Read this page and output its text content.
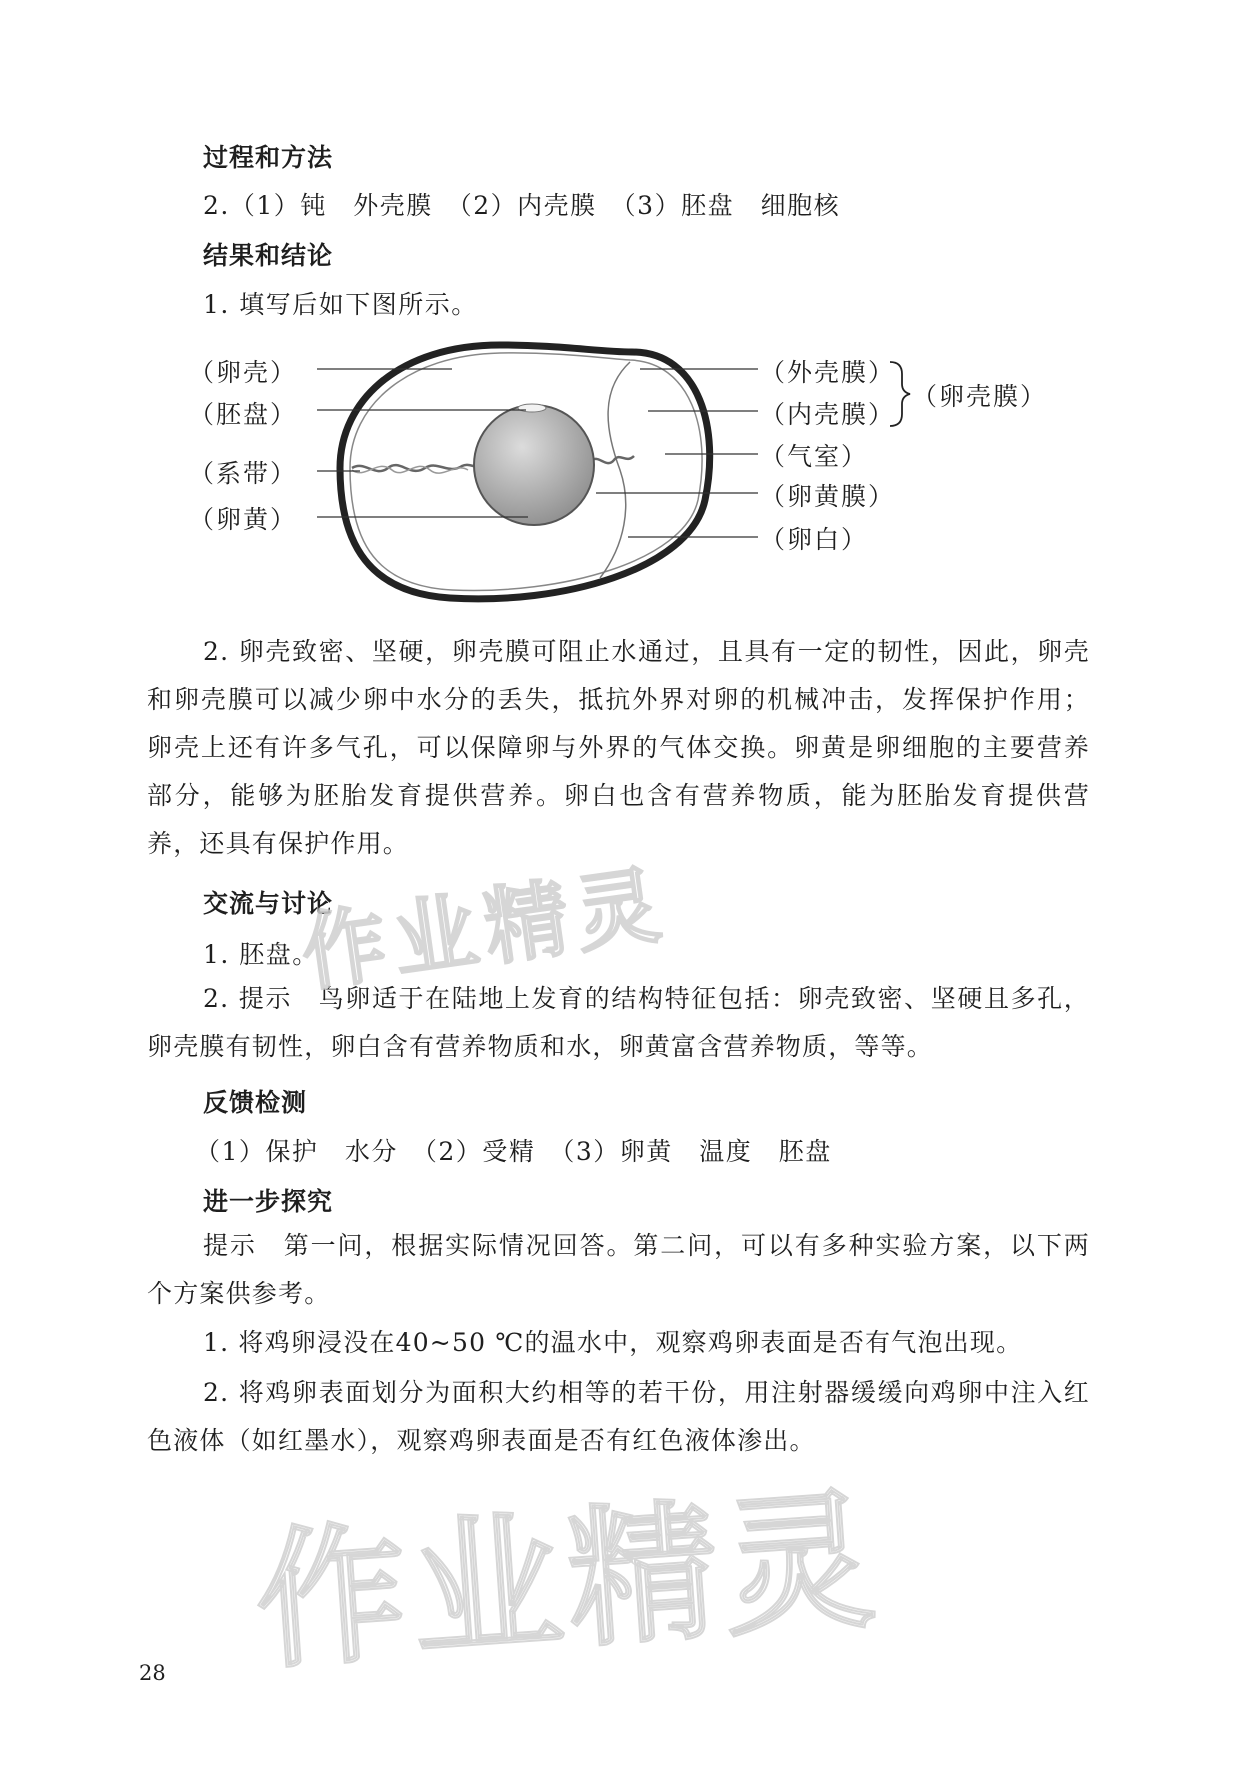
过程和方法
2.（1）钝　外壳膜　（2）内壳膜　（3）胚盘　细胞核
结果和结论
1. 填写后如下图所示。
（卵壳）
（胚盘）
（系带）
（卵黄）
（外壳膜）
（内壳膜）
（气室）
（卵黄膜）
（卵白）
（卵壳膜）

2. 卵壳致密、坚硬，卵壳膜可阻止水通过，且具有一定的韧性，因此，卵壳和卵壳膜可以减少卵中水分的丢失，抵抗外界对卵的机械冲击，发挥保护作用；卵壳上还有许多气孔，可以保障卵与外界的气体交换。卵黄是卵细胞的主要营养部分，能够为胚胎发育提供营养。卵白也含有营养物质，能为胚胎发育提供营养，还具有保护作用。

交流与讨论
1. 胚盘。

2. 提示　鸟卵适于在陆地上发育的结构特征包括：卵壳致密、坚硬且多孔，卵壳膜有韧性，卵白含有营养物质和水，卵黄富含营养物质，等等。

反馈检测
（1）保护　水分　（2）受精　（3）卵黄　温度　胚盘
进一步探究

提示　第一问，根据实际情况回答。第二问，可以有多种实验方案，以下两个方案供参考。

1. 将鸡卵浸没在40~50 ℃的温水中，观察鸡卵表面是否有气泡出现。

2. 将鸡卵表面划分为面积大约相等的若干份，用注射器缓缓向鸡卵中注入红色液体（如红墨水），观察鸡卵表面是否有红色液体渗出。

作业精灵
作业精灵
28
